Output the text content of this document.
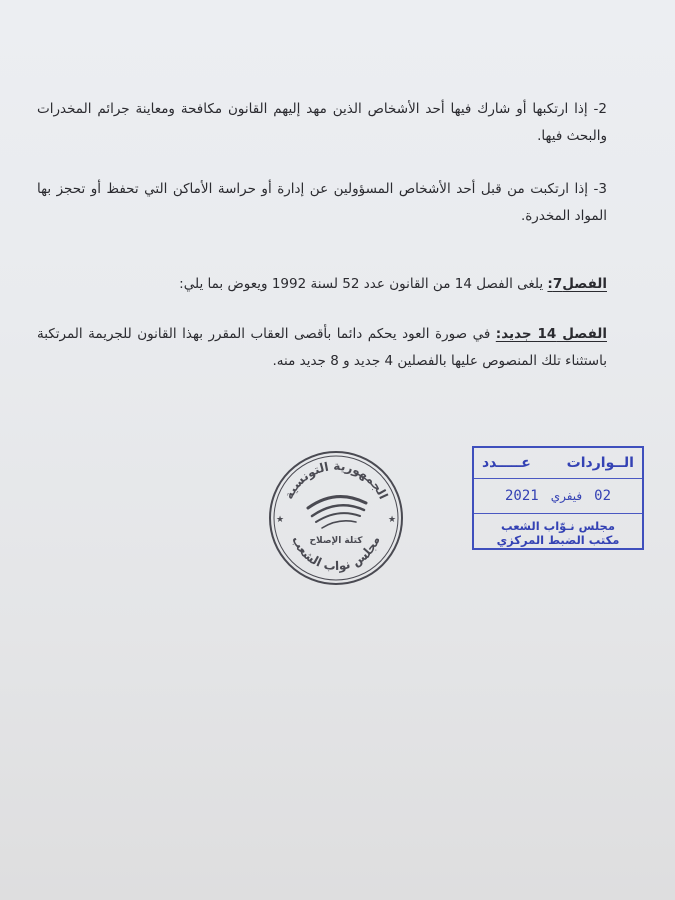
2- إذا ارتكبها أو شارك فيها أحد الأشخاص الذين مهد إليهم القانون مكافحة ومعاينة جرائم المخدرات والبحث فيها.

3- إذا ارتكبت من قبل أحد الأشخاص المسؤولين عن إدارة أو حراسة الأماكن التي تحفظ أو تحجز بها المواد المخدرة.

الفصل7: يلغى الفصل 14 من القانون عدد 52 لسنة 1992 ويعوض بما يلي:

الفصل 14 جديد: في صورة العود يحكم دائما بأقصى العقاب المقرر بهذا القانون للجريمة المرتكبة باستثناء تلك المنصوص عليها بالفصلين 4 جديد و 8 جديد منه.

الجمهورية التونسية
مجلس نواب الشعب
كتلة الإصلاح
★	★
الــواردات
عـــــدد
2021 فيفري 02
مجلس نـوّاب الشعب
مكتب الضبط المركزي
